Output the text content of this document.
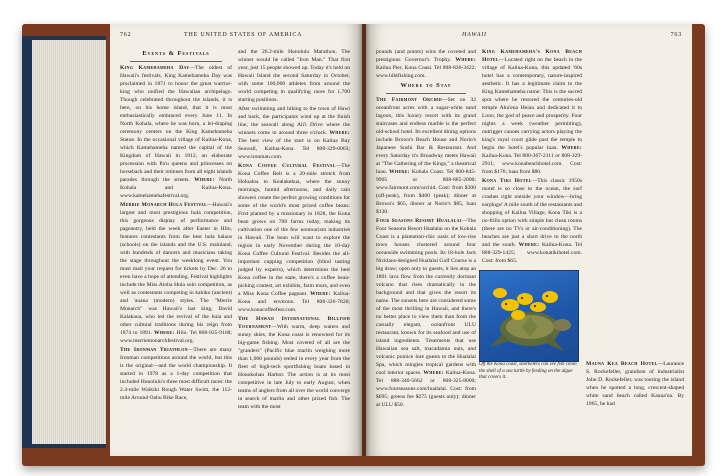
762	THE UNITED STATES OF AMERICA
Events & Festivals

King Kamehameha Day—The oldest of Hawaii's festivals, King Kamehameha Day was proclaimed in 1871 to honor the great warrior-king who unified the Hawaiian archipelago. Though celebrated throughout the islands, it is here, on his home island, that it is most enthusiastically embraced every June 11. In North Kohala, where he was born, a lei-draping ceremony centers on the King Kamehameha Statue. In the occasional village of Kailua-Kona, which Kamehameha named the capital of the Kingdom of Hawaii in 1812, an elaborate procession with Pa'u queens and princesses on horseback and their retinues from all eight islands parades through the streets. Where: North Kohala and Kailua-Kona. www.kamehamehafestival.org.

Merrie Monarch Hula Festival—Hawaii's largest and most prestigious hula competition, this gorgeous display of performance and pageantry, held the week after Easter in Hilo, features contestants from the best hula halaus (schools) on the islands and the U.S. mainland, with hundreds of dancers and musicians taking the stage throughout the weeklong event. You must mail your request for tickets by Dec. 26 to even have a hope of attending. Festival highlights include the Miss Aloha Hula solo competition, as well as contestants competing in kahiko (ancient) and 'auana (modern) styles. The "Merrie Monarch" was Hawaii's last king, David Kalakaua, who led the revival of the hula and other cultural traditions during his reign from 1874 to 1891. Where: Hilo. Tel 808-935-9168; www.merriemonarchfestival.org.

The Ironman Triathlon—There are many Ironman competitions around the world, but this is the original—and the world championship. It started in 1978 as a 1-day competition that included Honolulu's three most difficult races: the 2.4-mile Waikiki Rough Water Swim, the 112-mile Around Oahu Bike Race,

and the 26.2-mile Honolulu Marathon. The winner would be called "Iron Man." That first year, just 15 people showed up. Today it's held on Hawaii Island the second Saturday in October, with some 100,000 athletes from around the world competing in qualifying races for 1,700 starting positions.

After swimming and biking to the town of Hawi and back, the participants wind up at the finish line, the seawall along Ali'i Drive where the winners come in around three o'clock. Where: The best view of the start is on Kailua Bay Seawall, Kailua-Kona. Tel 808-329-0063; www.ironman.com.

Kona Coffee Cultural Festival—The Kona Coffee Belt is a 20-mile stretch from Holualoa to Kealakekua, where the sunny mornings, humid afternoons, and daily rain showers create the perfect growing conditions for some of the world's most prized coffee beans. First planted by a missionary in 1828, the Kona bean grows on 700 farms today, making its cultivation one of the few nontourism industries in Hawaii. The bean will want to explore the region in early November during the 10-day Kona Coffee Cultural Festival. Besides the all-important cupping competition (blind tasting judged by experts), which determines the best Kona coffee in the state, there's a coffee bean-picking contest, art exhibits, farm tours, and even a Miss Kona Coffee pageant. Where: Kailua-Kona and environs. Tel 808-326-7820; www.konacoffeefest.com.

The Hawaii International Billfish Tournament—With warm, deep waters and sunny skies, the Kona coast is renowned for its big-game fishing. Most coveted of all are the "granders" (Pacific blue marlin weighing more than 1,000 pounds) reeled in every year from the fleet of high-tech sportfishing boats based in Honokohau Harbor. The action is at its most competitive in late July to early August, when teams of anglers from all over the world converge in search of marlin and other prized fish. The team with the most

HAWAII	763

pounds (and points) wins the coveted and prestigious Governor's Trophy. Where: Kailua Pier, Kona Coast. Tel 808-836-3422; www.hibtfishing.com.

Where to Stay

The Fairmont Orchid—Set on 32 oceanfront acres with a sugar-white sand lagoon, this luxury resort with its grand staircases and endless marble is the perfect old-school hotel. Its excellent dining options include Brown's Beach House and Norio's Japanese Sushi Bar & Restaurant. And every Saturday it's Broadway meets Hawaii at "The Gathering of the Kings," a theatrical luau. Where: Kohala Coast. Tel 800-845-9905 or 808-885-2000; www.fairmont.com/orchid. Cost: from $300 (off-peak), from $400 (peak); dinner at Brown's $65, dinner at Norio's $85, luau $130.

Four Seasons Resort Hualalai—The Four Seasons Resort Hualalai on the Kohala Coast is a plantation-chic oasis of low-rise town houses clustered around four oceanside swimming pools. Its 18-hole Jack Nicklaus-designed Hualalai Golf Course is a big draw; open only to guests, it lies atop an 1801 lava flow from the currently dormant volcano that rises dramatically in the background and that gives the resort its name. The sunsets here are considered some of the most thrilling in Hawaii, and there's no better place to view them than from the casually elegant, oceanfront ULU restaurant, known for its seafood and use of island ingredients. Treatments that use Hawaiian sea salt, macadamia nuts, and volcanic pumice lure guests to the Hualalai Spa, which mingles tropical gardens with cool interior spaces. Where: Kailua-Kona. Tel 888-340-5662 or 808-325-8000; www.fourseasons.com/hualalai. Cost: from $695; greens fee $275 (guests only); dinner at ULU $50.

King Kamehameha's Kona Beach Hotel—Located right on the beach in the village of Kailua-Kona, this updated '60s hotel has a contemporary, nature-inspired aesthetic. It has a legitimate claim to the King Kamehameha name: This is the sacred spot where he restored the centuries-old temple Ahu'ena Heiau and dedicated it to Lono, the god of peace and prosperity. Four nights a week (weather permitting), outrigger canoes carrying actors playing the king's royal court glide past the temple to begin the hotel's popular luau. Where: Kailua-Kona. Tel 800-367-2111 or 808-329-2911; www.konabeachhotel.com. Cost: from $176; luau from $80.

Kona Tiki Hotel—This classic 1950s motel is so close to the ocean, the surf crashes right outside your window—bring earplugs! A mile south of the restaurants and shopping of Kailua Village, Kona Tiki is a no-frills option with simple but clean rooms (there are no TVs or air-conditioning). The beaches are just a short drive to the north and the south. Where: Kailua-Kona. Tel 808-329-1425; www.konatikihotel.com. Cost: from $65.

Off the Kona coast, snorkelers can see fish clean the shell of a sea turtle by feeding on the algae that covers it.

Mauna Kea Beach Hotel—Laurance S. Rockefeller, grandson of industrialist John D. Rockefeller, was touring the island when he spotted a long, crescent-shaped white sand beach called Kauna'oa. By 1965, he had
